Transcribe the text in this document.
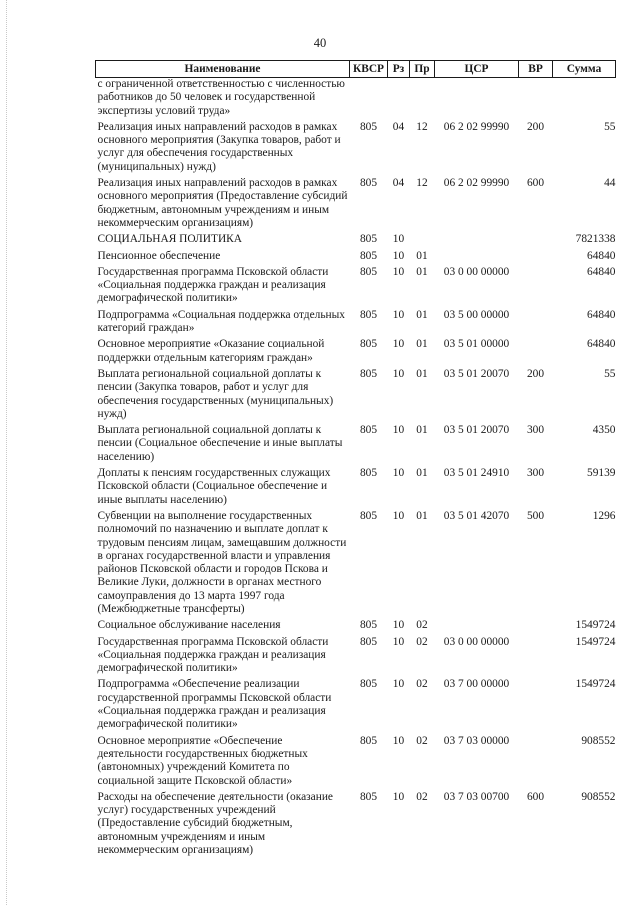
40
Наименование	КВСР	Рз	Пр	ЦСР	ВР	Сумма
с ограниченной ответственностью с численностью работников до 50 человек и государственной экспертизы условий труда»						
Реализация иных направлений расходов в рамках основного мероприятия (Закупка товаров, работ и услуг для обеспечения государственных (муниципальных) нужд)	805	04	12	06 2 02 99990	200	55
Реализация иных направлений расходов в рамках основного мероприятия (Предоставление субсидий бюджетным, автономным учреждениям и иным некоммерческим организациям)	805	04	12	06 2 02 99990	600	44
СОЦИАЛЬНАЯ ПОЛИТИКА	805	10				7821338
Пенсионное обеспечение	805	10	01			64840
Государственная программа Псковской области «Социальная поддержка граждан и реализация демографической политики»	805	10	01	03 0 00 00000		64840
Подпрограмма «Социальная поддержка отдельных категорий граждан»	805	10	01	03 5 00 00000		64840
Основное мероприятие «Оказание социальной поддержки отдельным категориям граждан»	805	10	01	03 5 01 00000		64840
Выплата региональной социальной доплаты к пенсии (Закупка товаров, работ и услуг для обеспечения государственных (муниципальных) нужд)	805	10	01	03 5 01 20070	200	55
Выплата региональной социальной доплаты к пенсии (Социальное обеспечение и иные выплаты населению)	805	10	01	03 5 01 20070	300	4350
Доплаты к пенсиям государственных служащих Псковской области (Социальное обеспечение и иные выплаты населению)	805	10	01	03 5 01 24910	300	59139
Субвенции на выполнение государственных полномочий по назначению и выплате доплат к трудовым пенсиям лицам, замещавшим должности в органах государственной власти и управления районов Псковской области и городов Пскова и Великие Луки, должности в органах местного самоуправления до 13 марта 1997 года (Межбюджетные трансферты)	805	10	01	03 5 01 42070	500	1296
Социальное обслуживание населения	805	10	02			1549724
Государственная программа Псковской области «Социальная поддержка граждан и реализация демографической политики»	805	10	02	03 0 00 00000		1549724
Подпрограмма «Обеспечение реализации государственной программы Псковской области «Социальная поддержка граждан и реализация демографической политики»	805	10	02	03 7 00 00000		1549724
Основное мероприятие «Обеспечение деятельности государственных бюджетных (автономных) учреждений Комитета по социальной защите Псковской области»	805	10	02	03 7 03 00000		908552
Расходы на обеспечение деятельности (оказание услуг) государственных учреждений (Предоставление субсидий бюджетным, автономным учреждениям и иным некоммерческим организациям)	805	10	02	03 7 03 00700	600	908552
